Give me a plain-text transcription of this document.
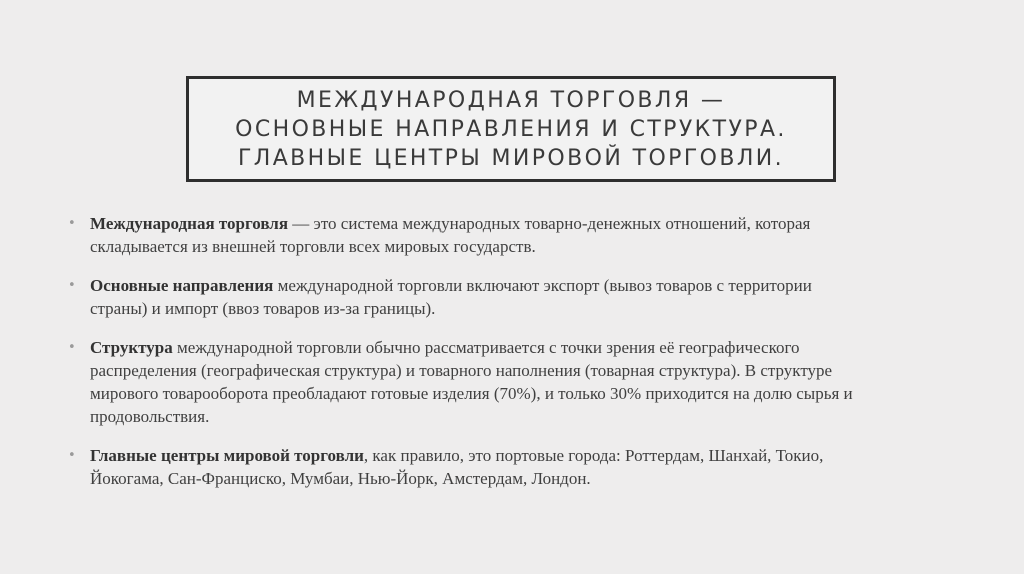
МЕЖДУНАРОДНАЯ ТОРГОВЛЯ —
ОСНОВНЫЕ НАПРАВЛЕНИЯ И СТРУКТУРА.
ГЛАВНЫЕ ЦЕНТРЫ МИРОВОЙ ТОРГОВЛИ.
• Международная торговля — это система международных товарно-денежных отношений, которая
складывается из внешней торговли всех мировых государств.
• Основные направления международной торговли включают экспорт (вывоз товаров с территории
страны) и импорт (ввоз товаров из-за границы).
• Структура международной торговли обычно рассматривается с точки зрения её географического
распределения (географическая структура) и товарного наполнения (товарная структура). В структуре
мирового товарооборота преобладают готовые изделия (70%), и только 30% приходится на долю сырья и
продовольствия.
• Главные центры мировой торговли, как правило, это портовые города: Роттердам, Шанхай, Токио,
Йокогама, Сан-Франциско, Мумбаи, Нью-Йорк, Амстердам, Лондон.
